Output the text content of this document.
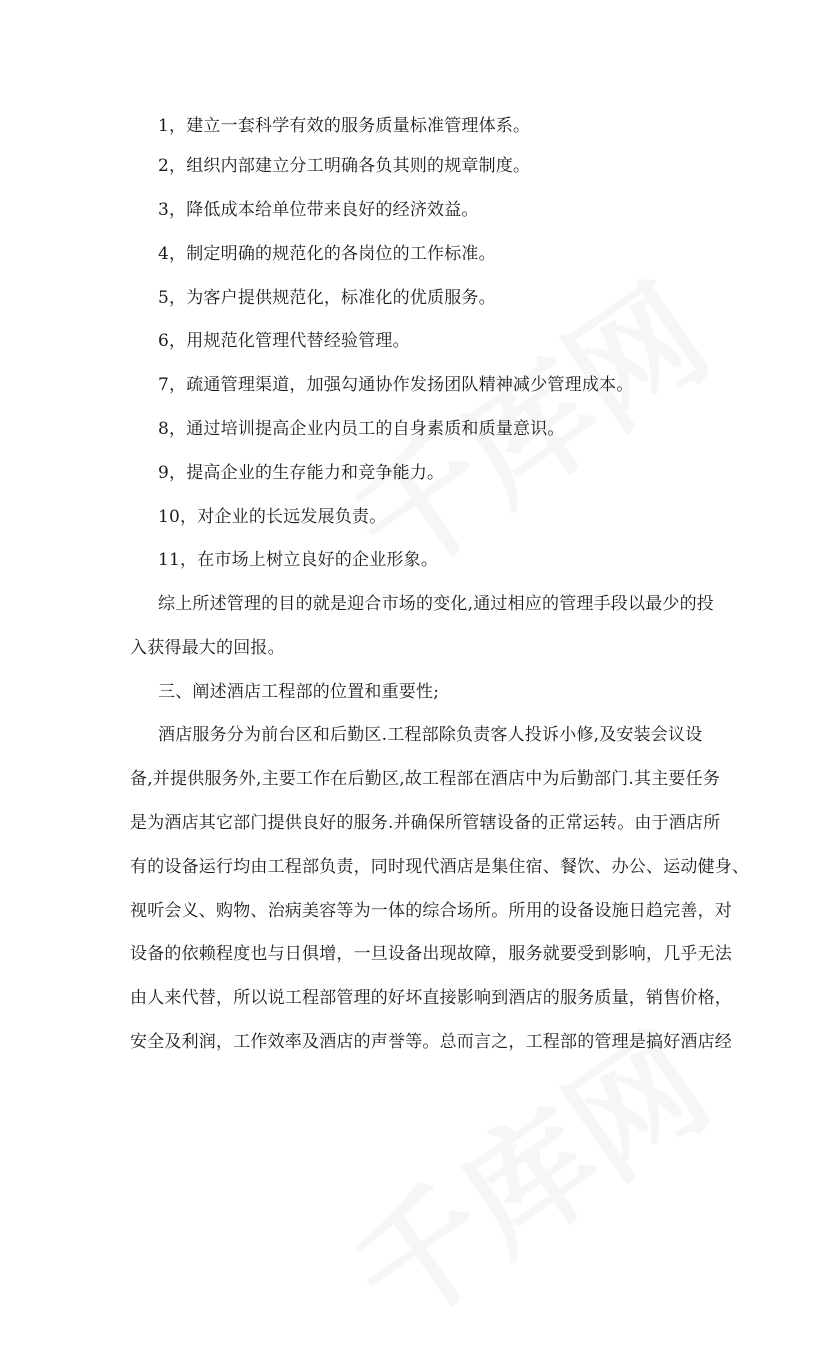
1，建立一套科学有效的服务质量标准管理体系。
2，组织内部建立分工明确各负其则的规章制度。
3，降低成本给单位带来良好的经济效益。
4，制定明确的规范化的各岗位的工作标准。
5，为客户提供规范化，标准化的优质服务。
6，用规范化管理代替经验管理。
7，疏通管理渠道，加强勾通协作发扬团队精神减少管理成本。
8，通过培训提高企业内员工的自身素质和质量意识。
9，提高企业的生存能力和竞争能力。
10，对企业的长远发展负责。
11，在市场上树立良好的企业形象。
综上所述管理的目的就是迎合市场的变化,通过相应的管理手段以最少的投
入获得最大的回报。
三、阐述酒店工程部的位置和重要性;
酒店服务分为前台区和后勤区.工程部除负责客人投诉小修,及安装会议设
备,并提供服务外,主要工作在后勤区,故工程部在酒店中为后勤部门.其主要任务
是为酒店其它部门提供良好的服务.并确保所管辖设备的正常运转。由于酒店所
有的设备运行均由工程部负责，同时现代酒店是集住宿、餐饮、办公、运动健身、
视听会义、购物、治病美容等为一体的综合场所。所用的设备设施日趋完善，对
设备的依赖程度也与日俱增，一旦设备出现故障，服务就要受到影响，几乎无法
由人来代替，所以说工程部管理的好坏直接影响到酒店的服务质量，销售价格，
安全及利润，工作效率及酒店的声誉等。总而言之，工程部的管理是搞好酒店经
